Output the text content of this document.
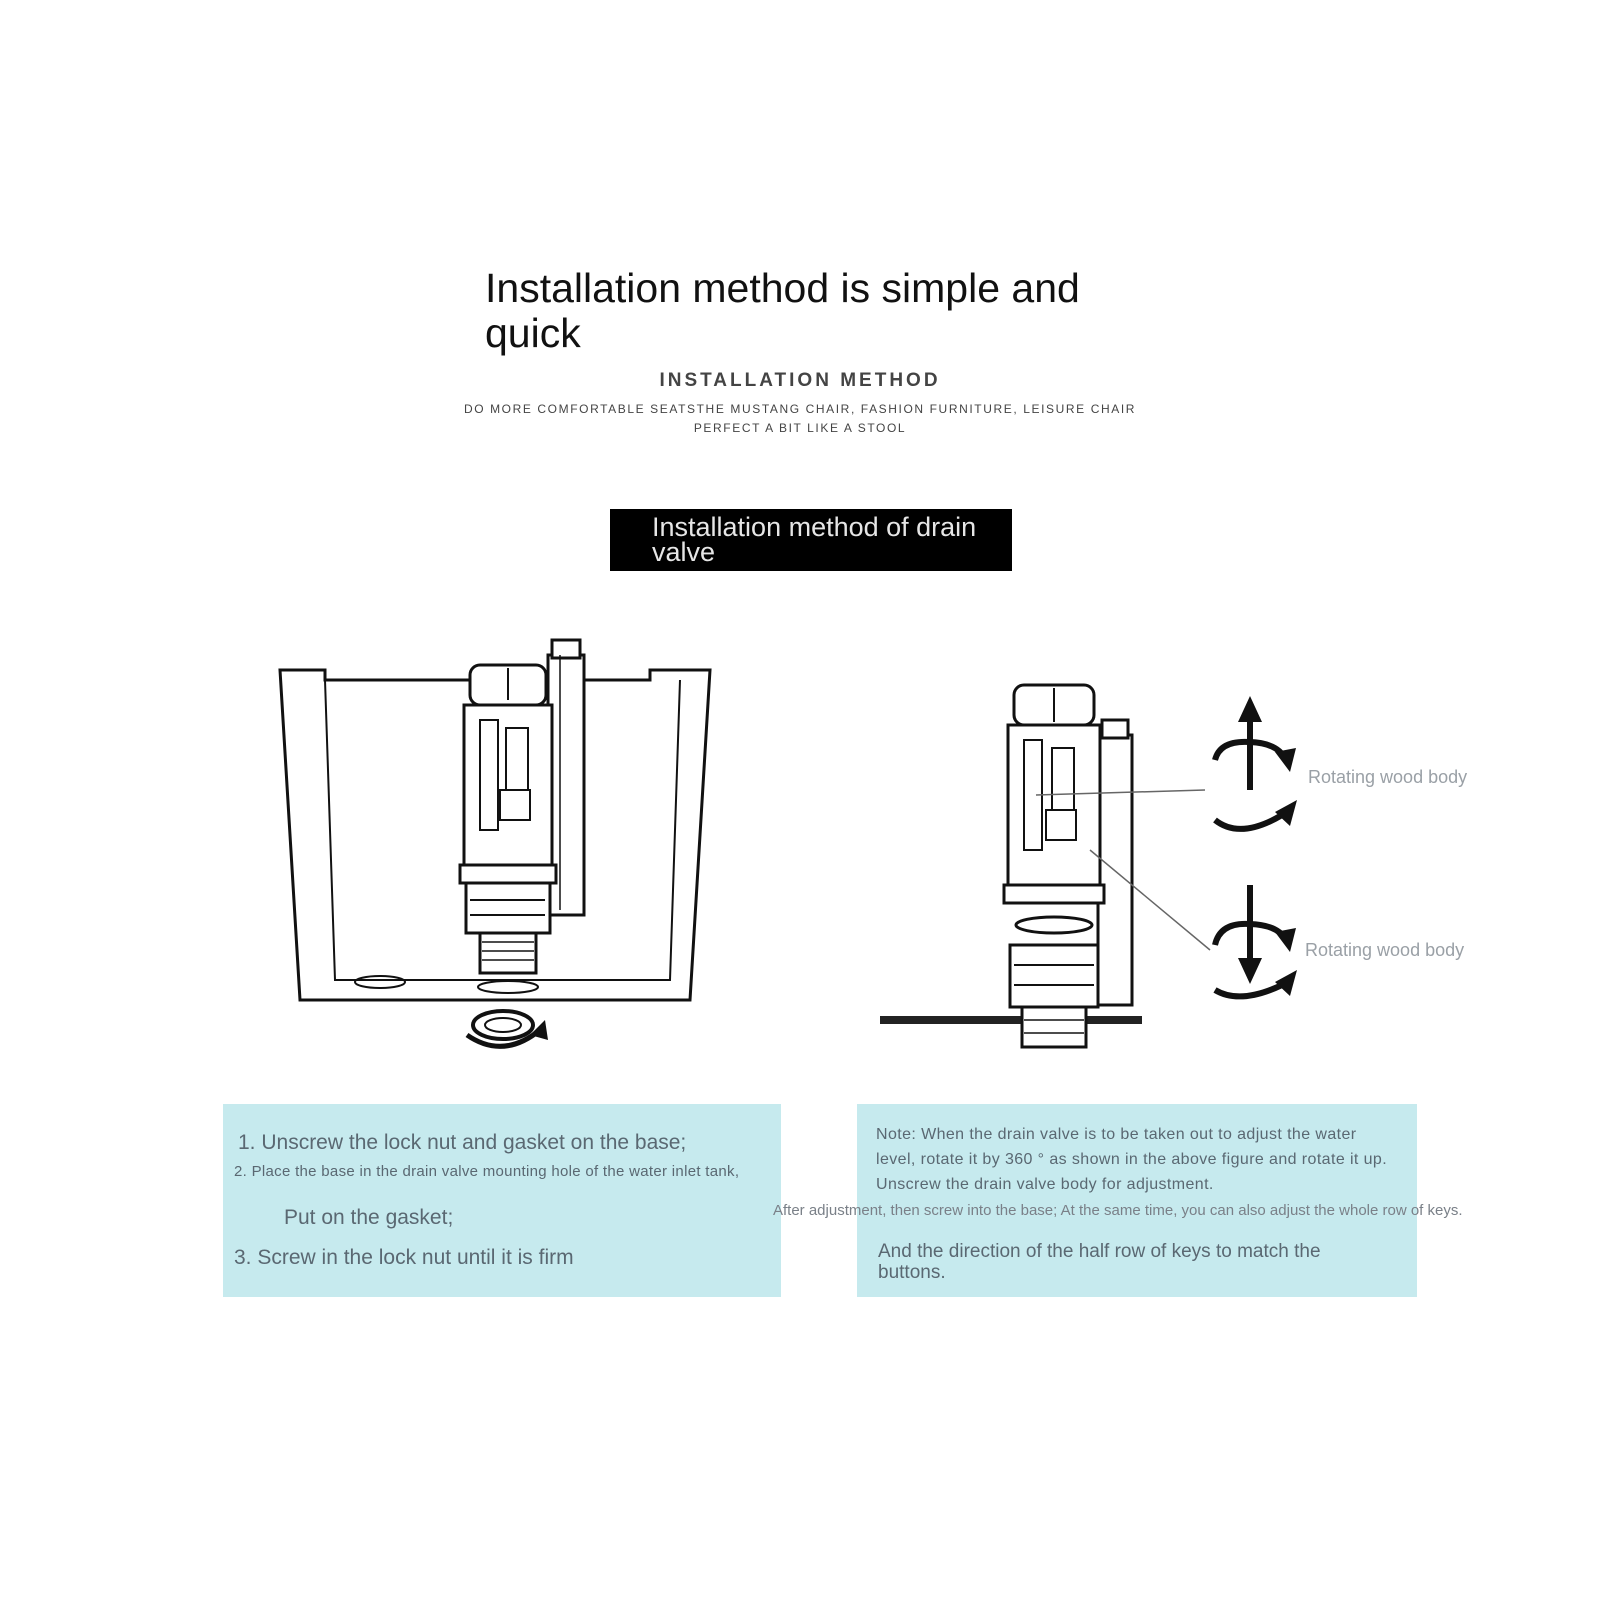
Installation method is simple and quick
INSTALLATION METHOD
DO MORE COMFORTABLE SEATSTHE MUSTANG CHAIR, FASHION FURNITURE, LEISURE CHAIR
PERFECT A BIT LIKE A STOOL
Installation method of drain valve
Rotating wood body
Rotating wood body
1. Unscrew the lock nut and gasket on the base;
2. Place the base in the drain valve mounting hole of the water inlet tank,
Put on the gasket;
3. Screw in the lock nut until it is firm
Note: When the drain valve is to be taken out to adjust the water level, rotate it by 360 ° as shown in the above figure and rotate it up. Unscrew the drain valve body for adjustment.
After adjustment, then screw into the base; At the same time, you can also adjust the whole row of keys.
And the direction of the half row of keys to match the buttons.
